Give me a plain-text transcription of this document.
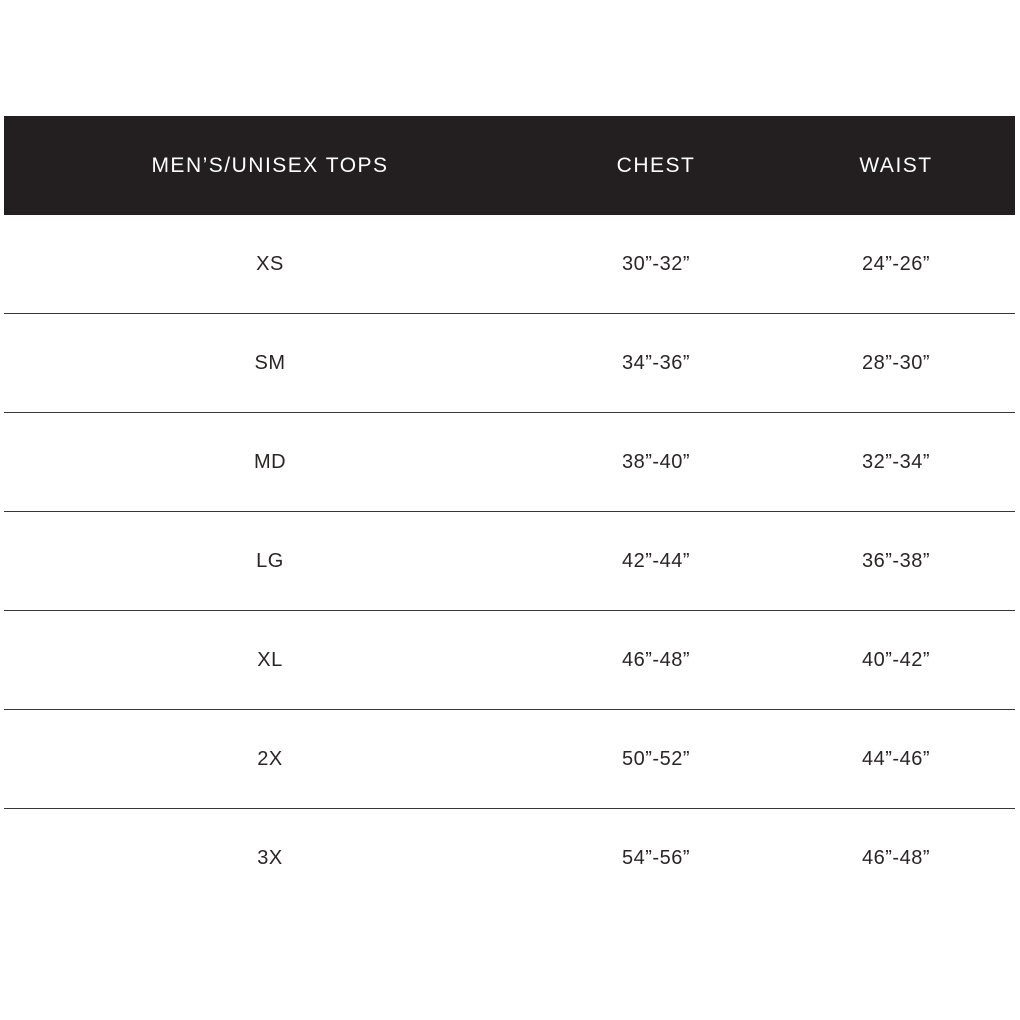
MEN’S/UNISEX TOPS	CHEST	WAIST
XS	30”-32”	24”-26”
SM	34”-36”	28”-30”
MD	38”-40”	32”-34”
LG	42”-44”	36”-38”
XL	46”-48”	40”-42”
2X	50”-52”	44”-46”
3X	54”-56”	46”-48”
